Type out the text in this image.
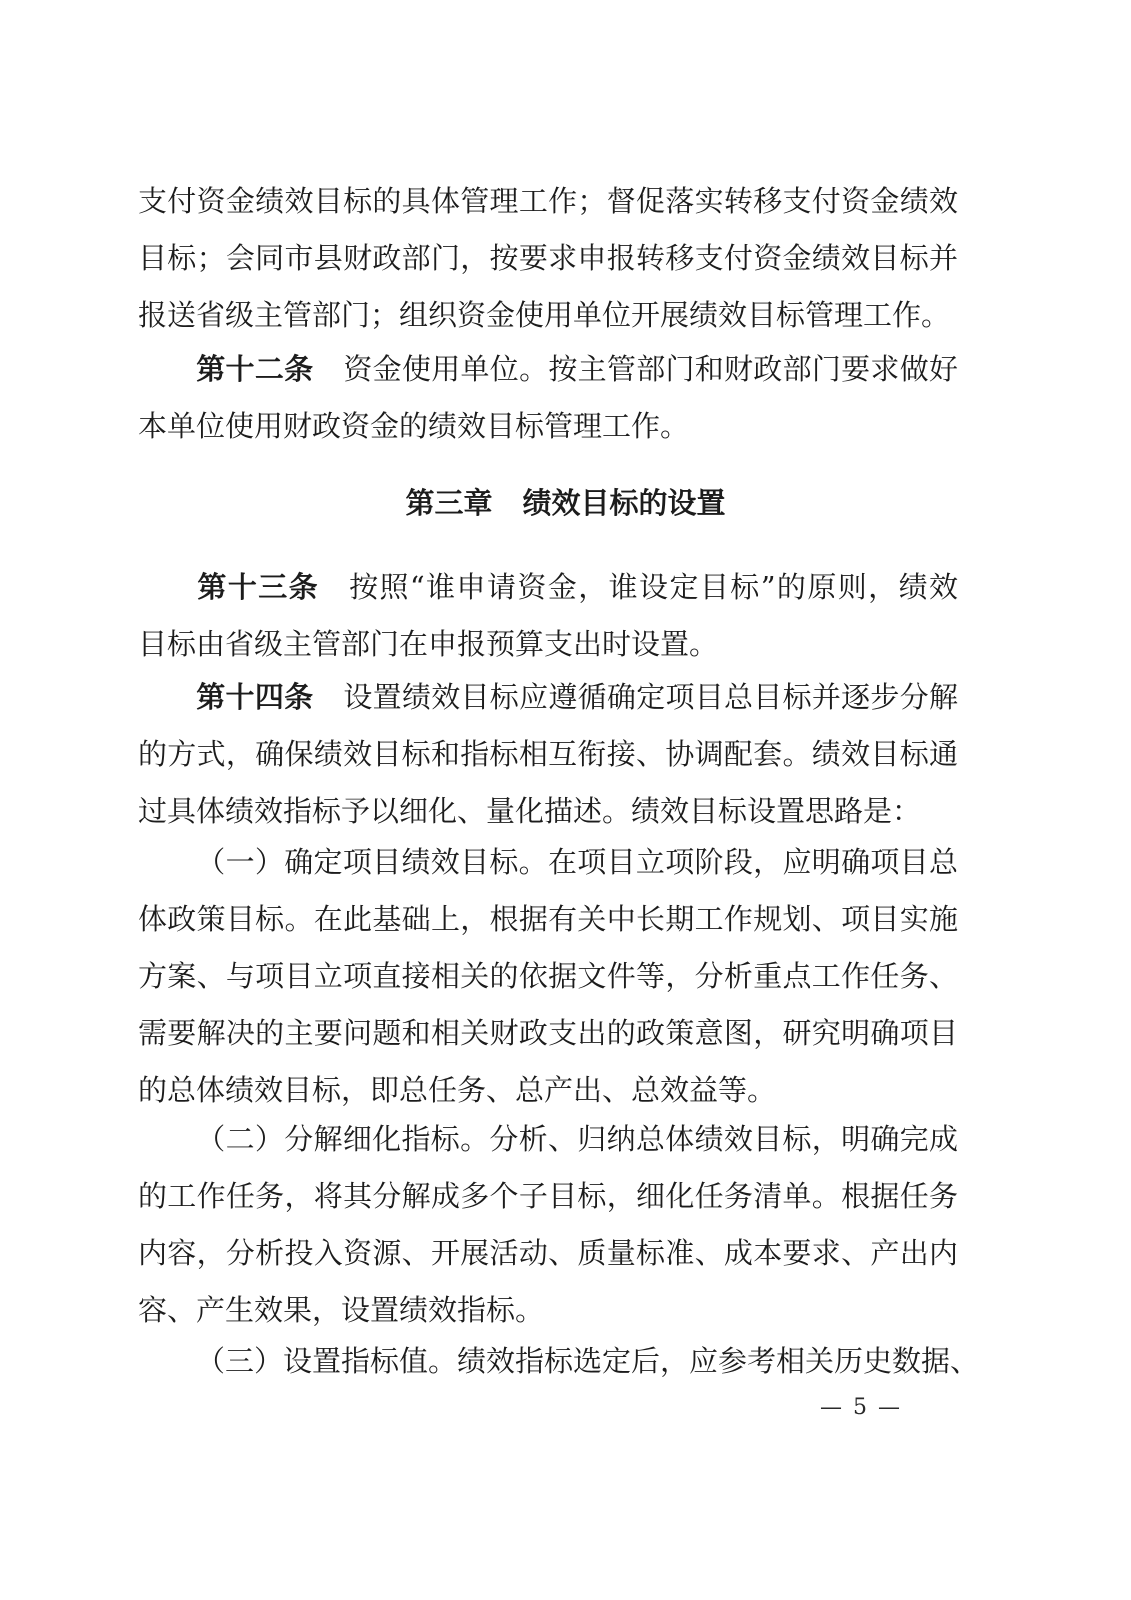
支付资金绩效目标的具体管理工作；督促落实转移支付资金绩效
目标；会同市县财政部门，按要求申报转移支付资金绩效目标并
报送省级主管部门；组织资金使用单位开展绩效目标管理工作。
第十二条 资金使用单位。按主管部门和财政部门要求做好
本单位使用财政资金的绩效目标管理工作。
第三章 绩效目标的设置
第十三条 按照“谁申请资金，谁设定目标”的原则，绩效
目标由省级主管部门在申报预算支出时设置。
第十四条 设置绩效目标应遵循确定项目总目标并逐步分解
的方式，确保绩效目标和指标相互衔接、协调配套。绩效目标通
过具体绩效指标予以细化、量化描述。绩效目标设置思路是：
（一）确定项目绩效目标。在项目立项阶段，应明确项目总
体政策目标。在此基础上，根据有关中长期工作规划、项目实施
方案、与项目立项直接相关的依据文件等，分析重点工作任务、
需要解决的主要问题和相关财政支出的政策意图，研究明确项目
的总体绩效目标，即总任务、总产出、总效益等。
（二）分解细化指标。分析、归纳总体绩效目标，明确完成
的工作任务，将其分解成多个子目标，细化任务清单。根据任务
内容，分析投入资源、开展活动、质量标准、成本要求、产出内
容、产生效果，设置绩效指标。
（三）设置指标值。绩效指标选定后，应参考相关历史数据、
— 5 —
